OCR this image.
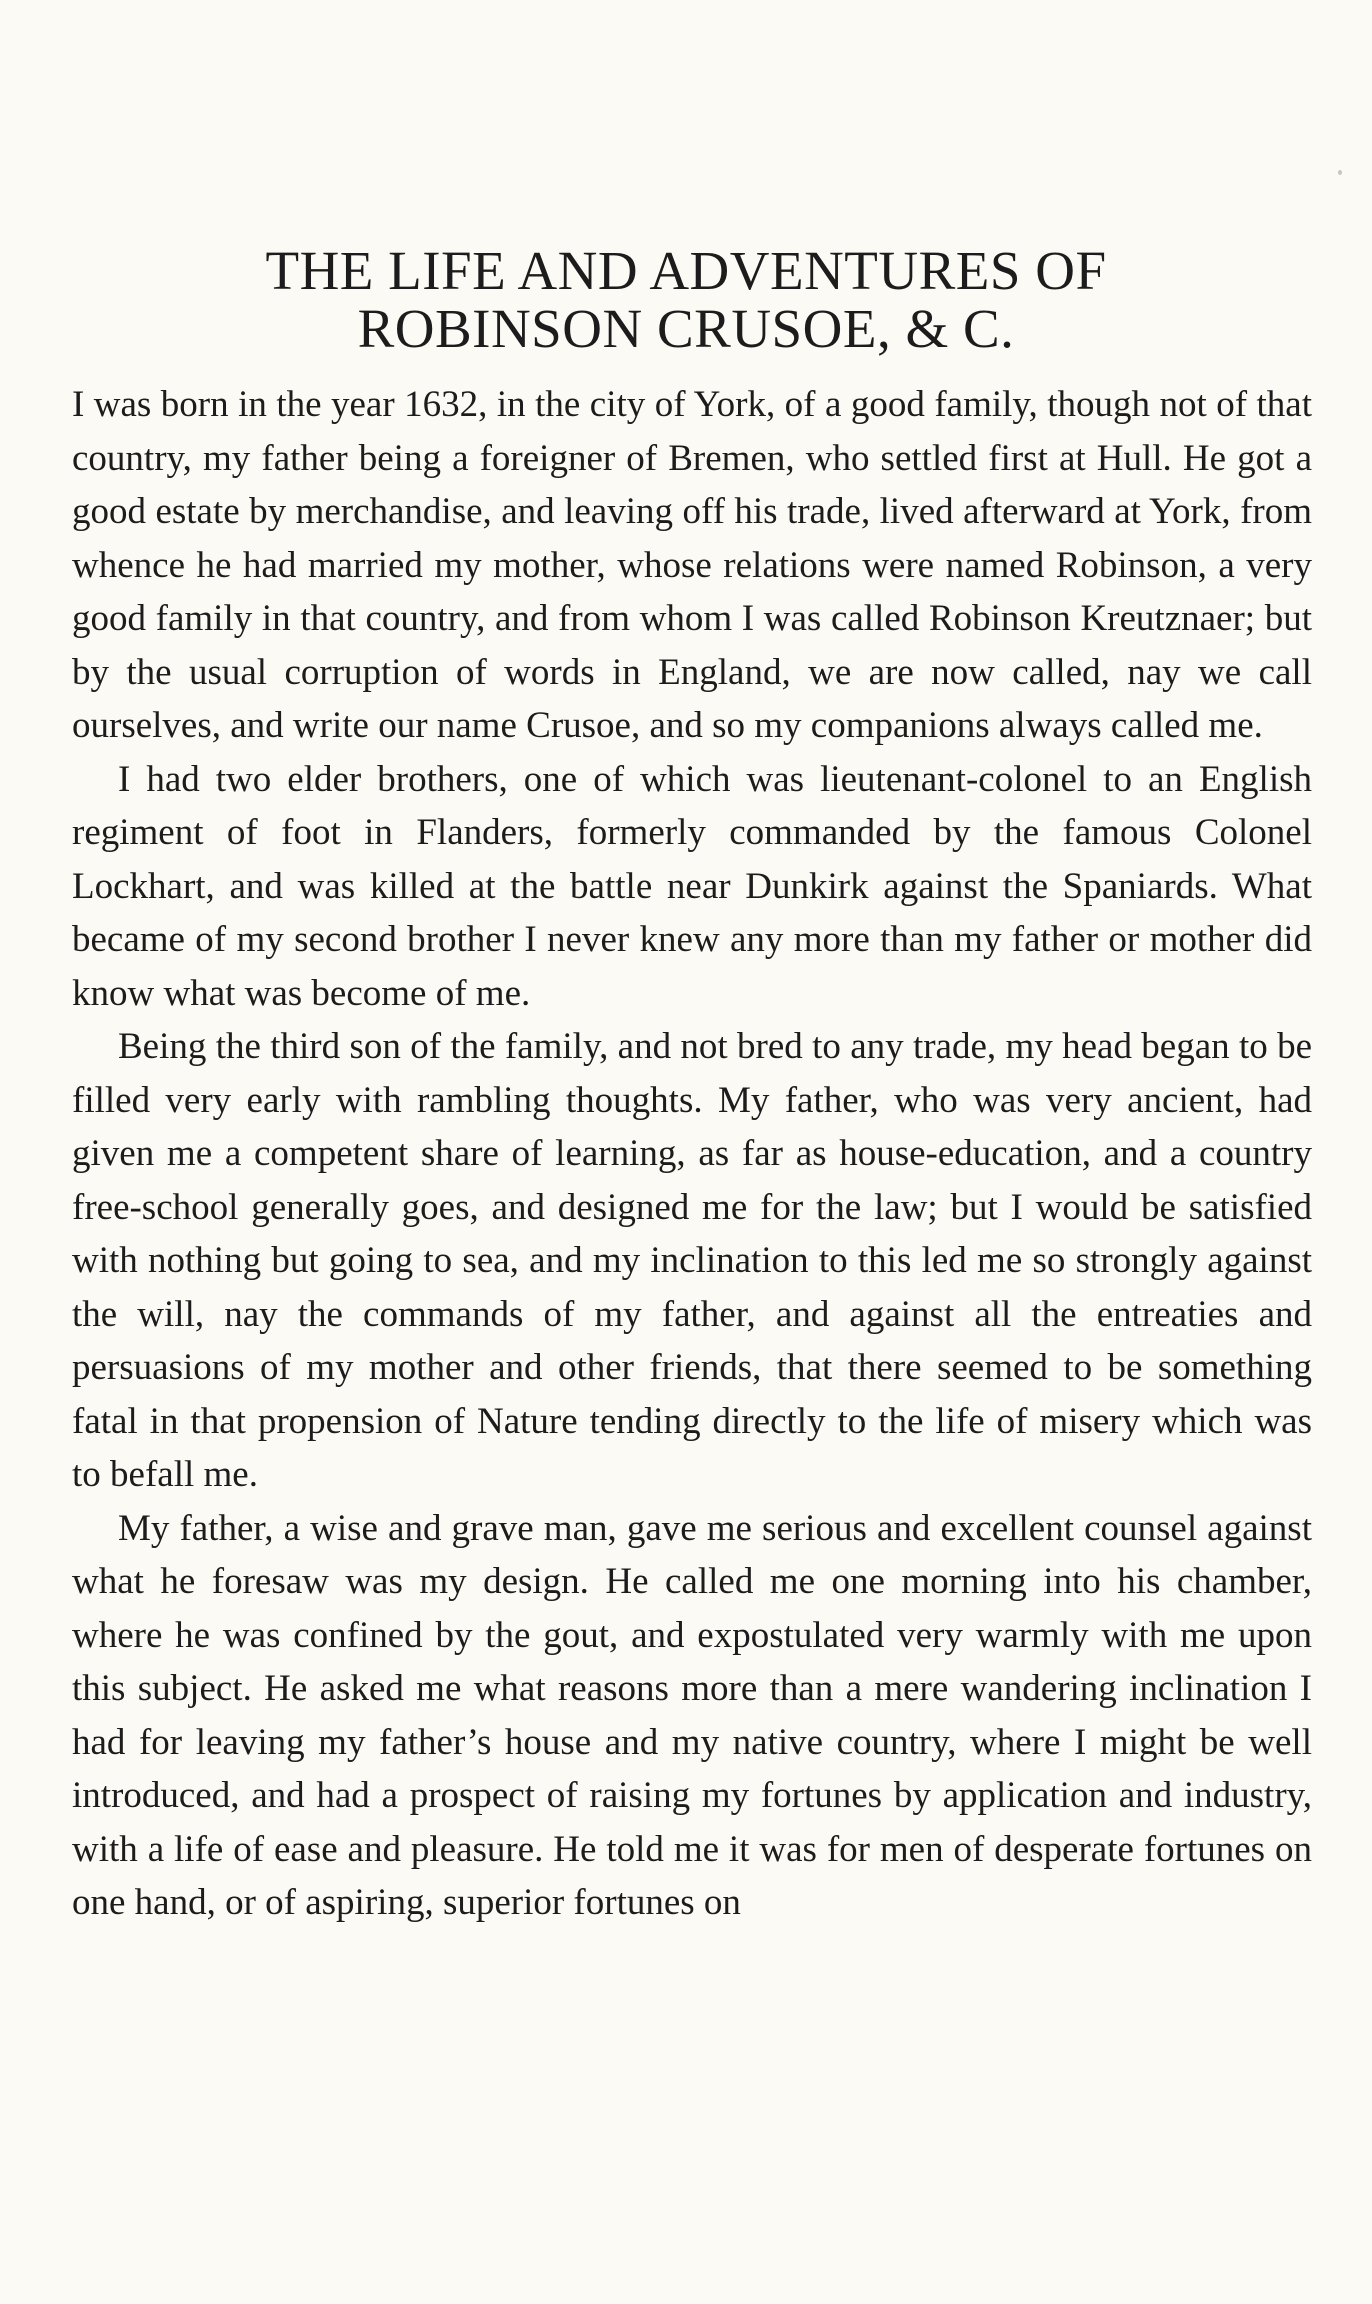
THE LIFE AND ADVENTURES OF
ROBINSON CRUSOE, & C.

I was born in the year 1632, in the city of York, of a good family, though not of that country, my father being a foreigner of Bremen, who settled first at Hull. He got a good estate by merchandise, and leaving off his trade, lived afterward at York, from whence he had married my mother, whose relations were named Robinson, a very good family in that country, and from whom I was called Robinson Kreutznaer; but by the usual corruption of words in England, we are now called, nay we call ourselves, and write our name Crusoe, and so my companions always called me.

I had two elder brothers, one of which was lieutenant-colonel to an English regiment of foot in Flanders, formerly commanded by the famous Colonel Lockhart, and was killed at the battle near Dunkirk against the Spaniards. What became of my second brother I never knew any more than my father or mother did know what was become of me.

Being the third son of the family, and not bred to any trade, my head began to be filled very early with rambling thoughts. My father, who was very ancient, had given me a competent share of learning, as far as house-education, and a country free-school generally goes, and designed me for the law; but I would be satisfied with nothing but going to sea, and my inclination to this led me so strongly against the will, nay the commands of my father, and against all the entreaties and persuasions of my mother and other friends, that there seemed to be something fatal in that propension of Nature tending directly to the life of misery which was to befall me.

My father, a wise and grave man, gave me serious and excellent counsel against what he foresaw was my design. He called me one morning into his chamber, where he was confined by the gout, and expostulated very warmly with me upon this subject. He asked me what reasons more than a mere wandering inclination I had for leaving my father’s house and my native country, where I might be well introduced, and had a prospect of raising my fortunes by application and industry, with a life of ease and pleasure. He told me it was for men of desperate fortunes on one hand, or of aspiring, superior fortunes on
